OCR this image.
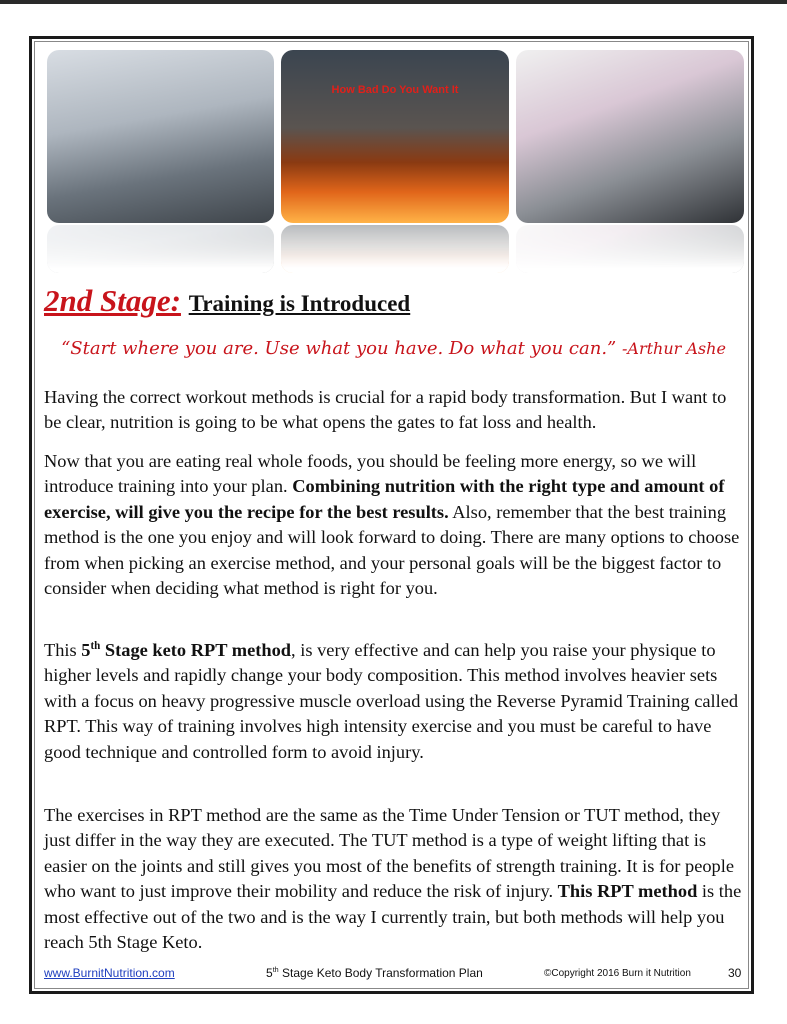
How Bad Do You Want It
2nd Stage: Training is Introduced
“Start where you are. Use what you have. Do what you can.” -Arthur Ashe
Having the correct workout methods is crucial for a rapid body transformation. But I want to be clear, nutrition is going to be what opens the gates to fat loss and health.
Now that you are eating real whole foods, you should be feeling more energy, so we will introduce training into your plan. Combining nutrition with the right type and amount of exercise, will give you the recipe for the best results. Also, remember that the best training method is the one you enjoy and will look forward to doing. There are many options to choose from when picking an exercise method, and your personal goals will be the biggest factor to consider when deciding what method is right for you.
This 5th Stage keto RPT method, is very effective and can help you raise your physique to higher levels and rapidly change your body composition. This method involves heavier sets with a focus on heavy progressive muscle overload using the Reverse Pyramid Training called RPT. This way of training involves high intensity exercise and you must be careful to have good technique and controlled form to avoid injury.
The exercises in RPT method are the same as the Time Under Tension or TUT method, they just differ in the way they are executed. The TUT method is a type of weight lifting that is easier on the joints and still gives you most of the benefits of strength training. It is for people who want to just improve their mobility and reduce the risk of injury. This RPT method is the most effective out of the two and is the way I currently train, but both methods will help you reach 5th Stage Keto.
www.BurnitNutrition.com	5th Stage Keto Body Transformation Plan	©Copyright 2016 Burn it Nutrition	30
